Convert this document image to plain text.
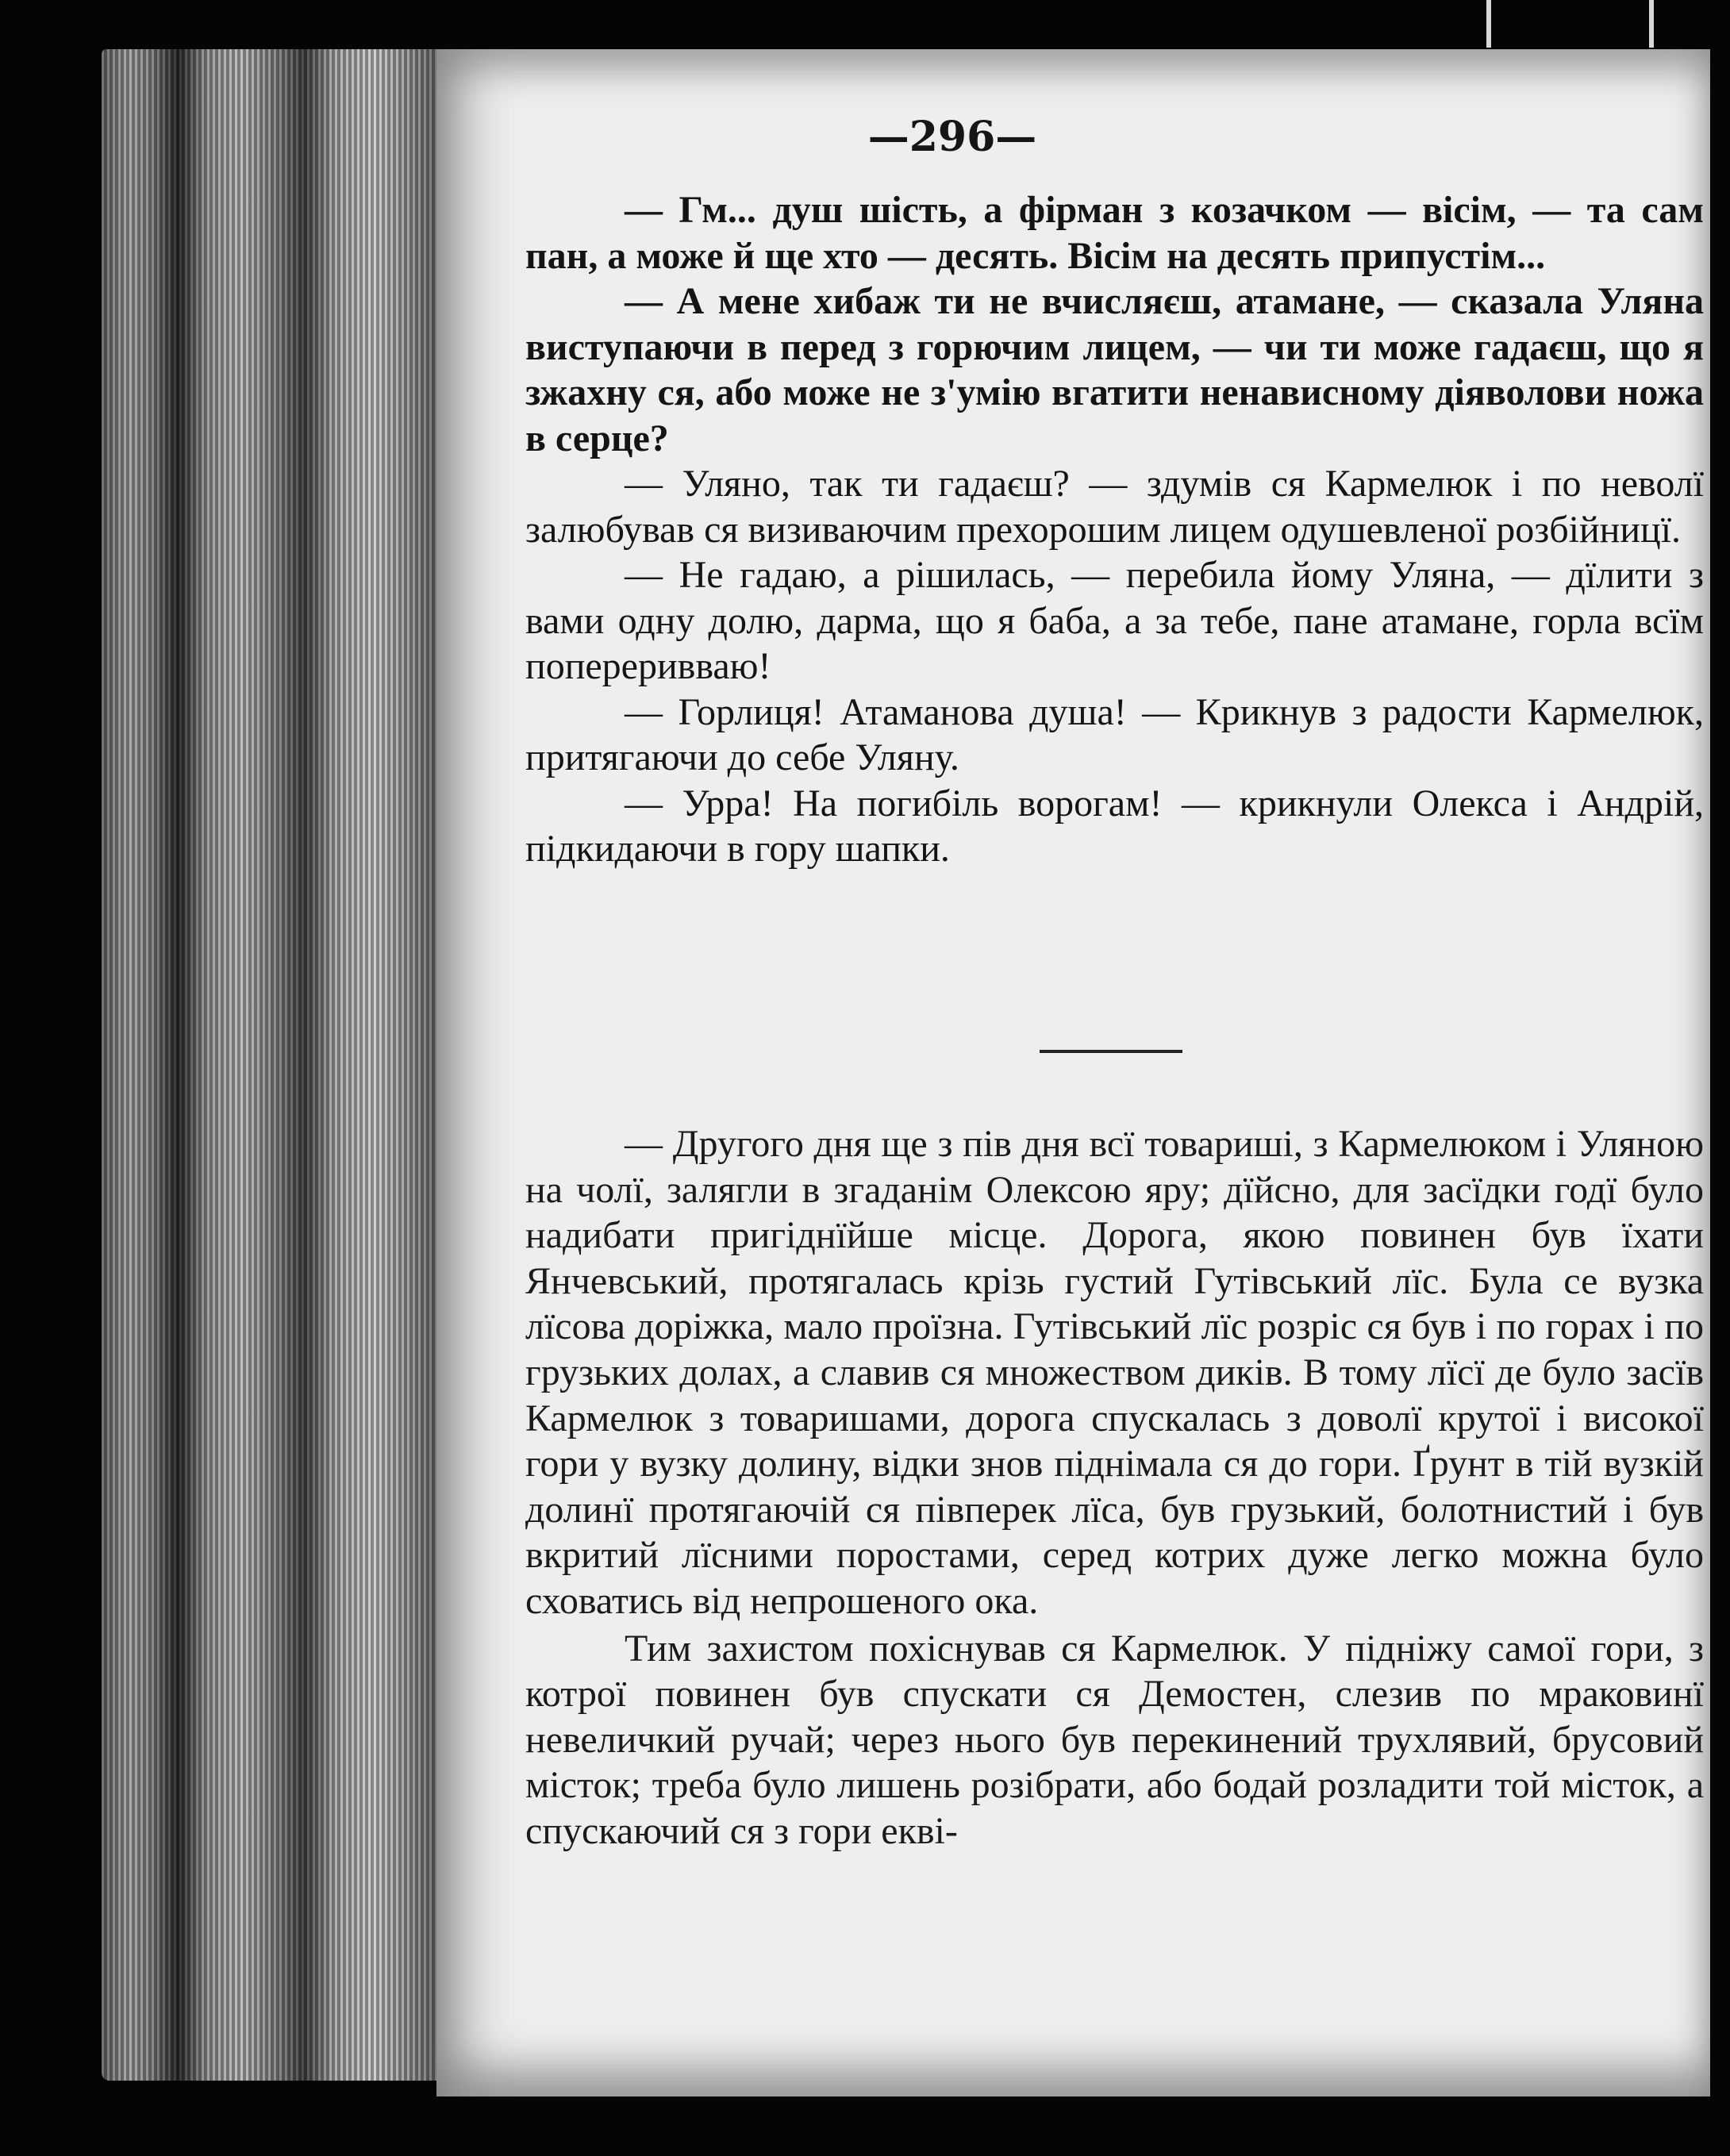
—296—

— Гм... душ шість, а фірман з козачком — вісім, — та сам пан, а може й ще хто — десять. Вісім на десять припустім...

— А мене хибаж ти не вчисляєш, атамане, — сказала Уляна виступаючи в перед з горючим лицем, — чи ти може гадаєш, що я зжахну ся, або може не з'умію вгатити ненависному діяволови ножа в серце?

— Уляно, так ти гадаєш? — здумів ся Кармелюк і по неволї залюбував ся визиваючим прехорошим лицем одушевленої розбійницї.

— Не гадаю, а рішилась, — перебила йому Уляна, — дїлити з вами одну долю, дарма, що я баба, а за тебе, пане атамане, горла всїм попереривваю!

— Горлиця! Атаманова душа! — Крикнув з радости Кармелюк, притягаючи до себе Уляну.

— Урра! На погибіль ворогам! — крикнули Олекса і Андрій, підкидаючи в гору шапки.

— Другого дня ще з пів дня всї товариші, з Кармелюком і Уляною на чолї, залягли в згаданім Олексою яру; дїйсно, для засїдки годї було надибати пригіднїйше місце. Дорога, якою повинен був їхати Янчевський, протягалась крізь густий Гутівський лїс. Була се вузка лїсова доріжка, мало проїзна. Гутівський лїс розріс ся був і по горах і по грузьких долах, а славив ся множеством диків. В тому лїсї де було засїв Кармелюк з товаришами, дорога спускалась з доволї крутої і високої гори у вузку долину, відки знов піднімала ся до гори. Ґрунт в тій вузкій долинї протягаючій ся півперек лїса, був грузький, болотнистий і був вкритий лїсними поростами, серед котрих дуже легко можна було сховатись від непрошеного ока.

Тим захистом похіснував ся Кармелюк. У підніжу самої гори, з котрої повинен був спускати ся Демостен, слезив по мраковинї невеличкий ручай; через нього був перекинений трухлявий, брусовий місток; треба було лишень розібрати, або бодай розладити той місток, а спускаючий ся з гори екві-
